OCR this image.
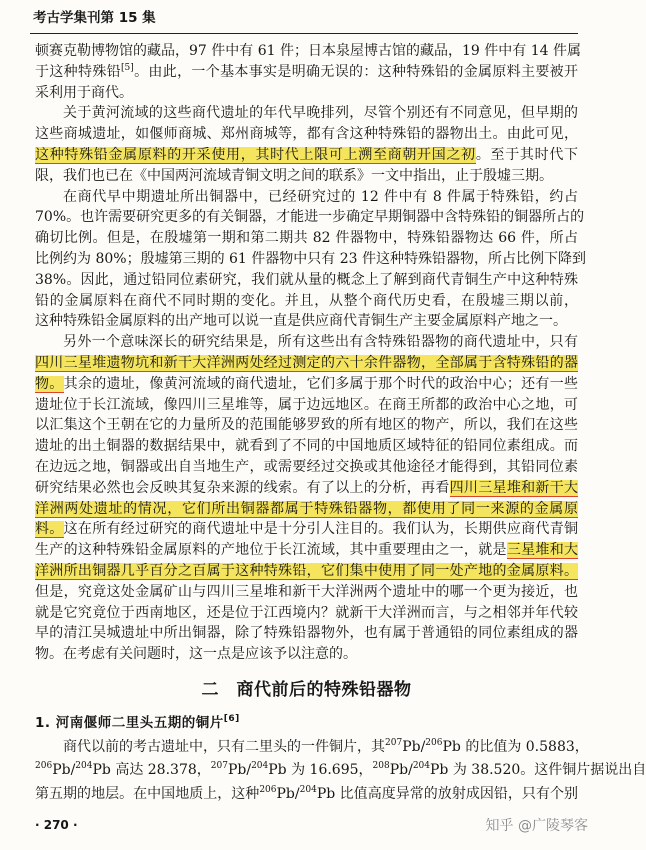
考古学集刊第 15 集
顿赛克勒博物馆的藏品，97 件中有 61 件；日本泉屋博古馆的藏品，19 件中有 14 件属
于这种特殊铅[5]。由此，一个基本事实是明确无误的：这种特殊铅的金属原料主要被开
采利用于商代。
关于黄河流域的这些商代遗址的年代早晚排列，尽管个别还有不同意见，但早期的
这些商城遗址，如偃师商城、郑州商城等，都有含这种特殊铅的器物出土。由此可见，
这种特殊铅金属原料的开采使用，其时代上限可上溯至商朝开国之初。至于其时代下
限，我们也已在《中国两河流域青铜文明之间的联系》一文中指出，止于殷墟三期。
在商代早中期遗址所出铜器中，已经研究过的 12 件中有 8 件属于特殊铅，约占
70%。也许需要研究更多的有关铜器，才能进一步确定早期铜器中含特殊铅的铜器所占的
确切比例。但是，在殷墟第一期和第二期共 82 件器物中，特殊铅器物达 66 件，所占
比例约为 80%；殷墟第三期的 61 件器物中只有 23 件这种特殊铅器物，所占比例下降到
38%。因此，通过铅同位素研究，我们就从量的概念上了解到商代青铜生产中这种特殊
铅的金属原料在商代不同时期的变化。并且，从整个商代历史看，在殷墟三期以前，
这种特殊铅金属原料的出产地可以说一直是供应商代青铜生产主要金属原料产地之一。
另外一个意味深长的研究结果是，所有这些出有含特殊铅器物的商代遗址中，只有
四川三星堆遗物坑和新干大洋洲两处经过测定的六十余件器物，全部属于含特殊铅的器
物。其余的遗址，像黄河流域的商代遗址，它们多属于那个时代的政治中心；还有一些
遗址位于长江流域，像四川三星堆等，属于边远地区。在商王所都的政治中心之地，可
以汇集这个王朝在它的力量所及的范围能够罗致的所有地区的物产，所以，我们在这些
遗址的出土铜器的数据结果中，就看到了不同的中国地质区域特征的铅同位素组成。而
在边远之地，铜器或出自当地生产，或需要经过交换或其他途径才能得到，其铅同位素
研究结果必然也会反映其复杂来源的线索。有了以上的分析，再看四川三星堆和新干大
洋洲两处遗址的情况，它们所出铜器都属于特殊铅器物，都使用了同一来源的金属原
料。这在所有经过研究的商代遗址中是十分引人注目的。我们认为，长期供应商代青铜
生产的这种特殊铅金属原料的产地位于长江流域，其中重要理由之一，就是三星堆和大
洋洲所出铜器几乎百分之百属于这种特殊铅，它们集中使用了同一处产地的金属原料。
但是，究竟这处金属矿山与四川三星堆和新干大洋洲两个遗址中的哪一个更为接近，也
就是它究竟位于西南地区，还是位于江西境内？就新干大洋洲而言，与之相邻并年代较
早的清江吴城遗址中所出铜器，除了特殊铅器物外，也有属于普通铅的同位素组成的器
物。在考虑有关问题时，这一点是应该予以注意的。
二　商代前后的特殊铅器物
1. 河南偃师二里头五期的铜片[6]
商代以前的考古遗址中，只有二里头的一件铜片，其$^{207}$Pb/$^{206}$Pb 的比值为 0.5883，
$^{206}$Pb/$^{204}$Pb 高达 28.378，$^{207}$Pb/$^{204}$Pb 为 16.695，$^{208}$Pb/$^{204}$Pb 为 38.520。这件铜片据说出自
第五期的地层。在中国地质上，这种$^{206}$Pb/$^{204}$Pb 比值高度异常的放射成因铅，只有个别
· 270 ·	知乎 @广陵琴客
